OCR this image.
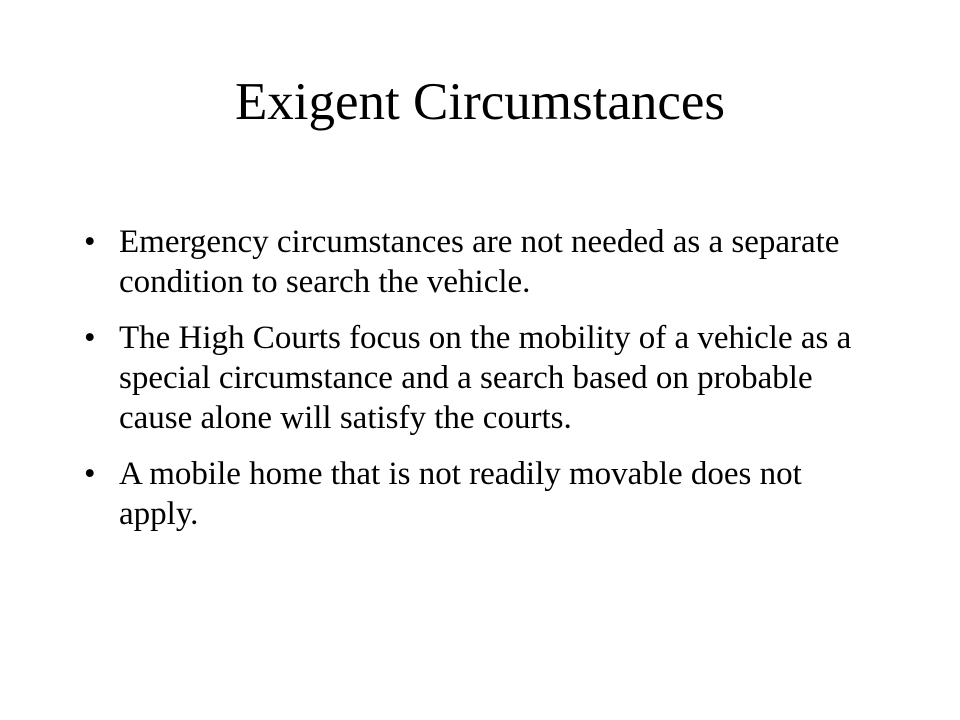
Exigent Circumstances
• Emergency circumstances are not needed as a separate condition to search the vehicle.
• The High Courts focus on the mobility of a vehicle as a special circumstance and a search based on probable cause alone will satisfy the courts.
• A mobile home that is not readily movable does not apply.
